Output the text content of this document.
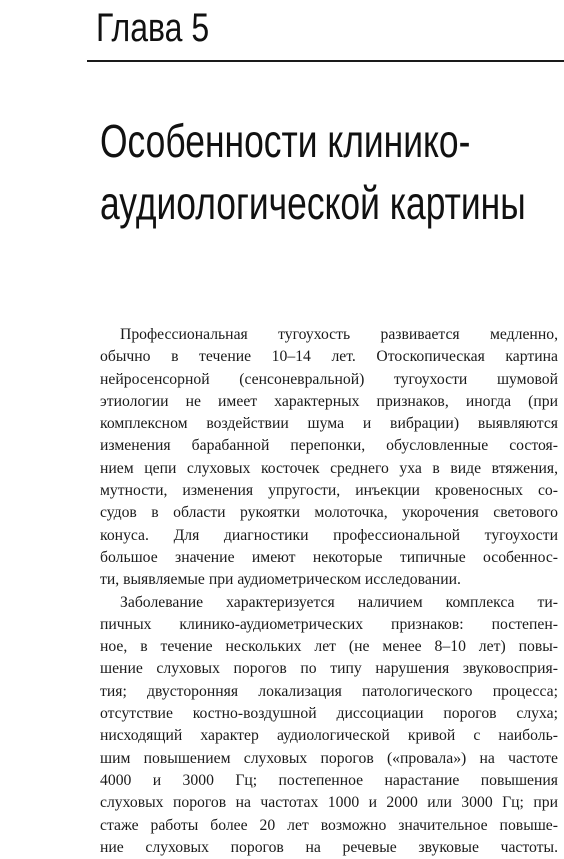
Глава 5
Особенности клинико-
аудиологической картины
Профессиональная тугоухость развивается медленно,
обычно в течение 10–14 лет. Отоскопическая картина
нейросенсорной (сенсоневральной) тугоухости шумовой
этиологии не имеет характерных признаков, иногда (при
комплексном воздействии шума и вибрации) выявляются
изменения барабанной перепонки, обусловленные состоя-
нием цепи слуховых косточек среднего уха в виде втяжения,
мутности, изменения упругости, инъекции кровеносных со-
судов в области рукоятки молоточка, укорочения светового
конуса. Для диагностики профессиональной тугоухости
большое значение имеют некоторые типичные особеннос-
ти, выявляемые при аудиометрическом исследовании.
Заболевание характеризуется наличием комплекса ти-
пичных клинико-аудиометрических признаков: постепен-
ное, в течение нескольких лет (не менее 8–10 лет) повы-
шение слуховых порогов по типу нарушения звуковосприя-
тия; двусторонняя локализация патологического процесса;
отсутствие костно-воздушной диссоциации порогов слуха;
нисходящий характер аудиологической кривой с наиболь-
шим повышением слуховых порогов («провала») на частоте
4000 и 3000 Гц; постепенное нарастание повышения
слуховых порогов на частотах 1000 и 2000 или 3000 Гц; при
стаже работы более 20 лет возможно значительное повыше-
ние слуховых порогов на речевые звуковые частоты.
